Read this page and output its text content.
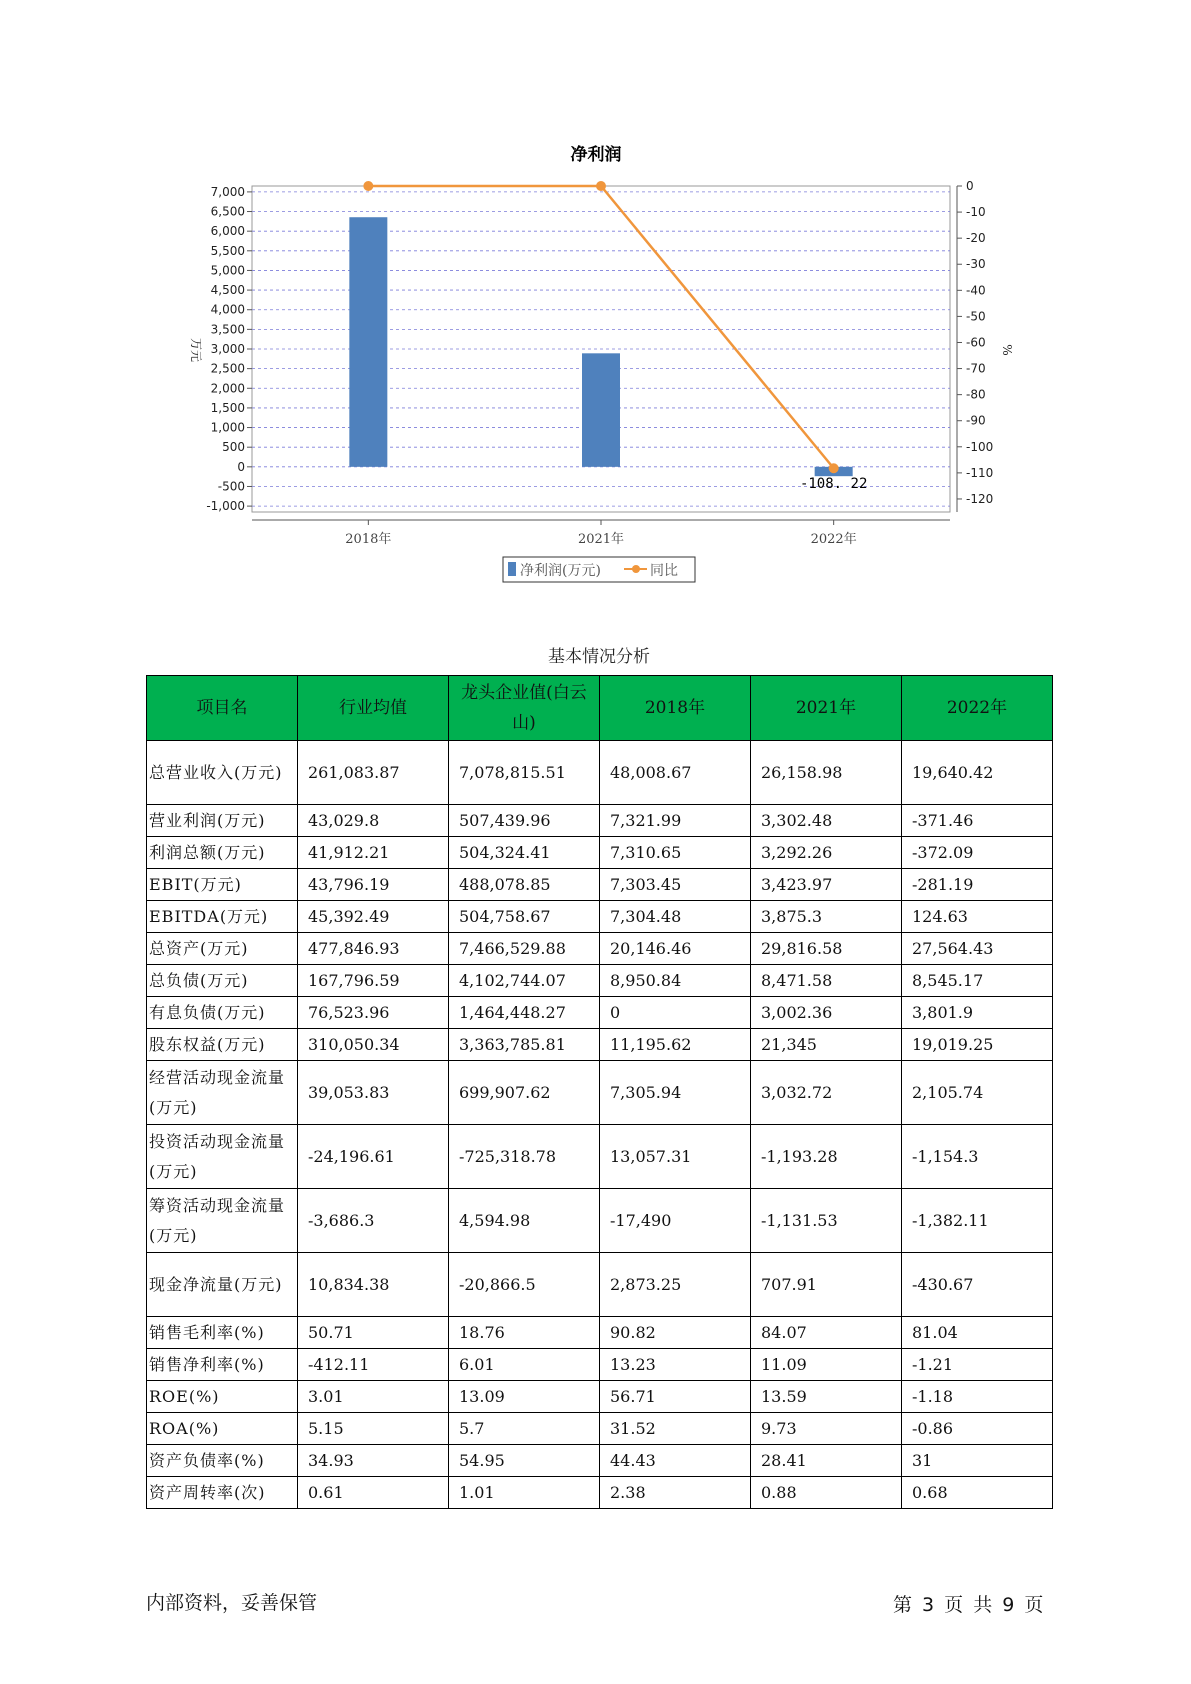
净利润
7,000
6,500
6,000
5,500
5,000
4,500
4,000
3,500
3,000
2,500
2,000
1,500
1,000
500
0
-500
-1,000
0
-10
-20
-30
-40
-50
-60
-70
-80
-90
-100
-110
-120
2018年	2021年	2022年
万元	%
-108. 22
净利润(万元)	同比
基本情况分析
项目名	行业均值	龙头企业值(白云山)	2018年	2021年	2022年
总营业收入(万元)	261,083.87	7,078,815.51	48,008.67	26,158.98	19,640.42
营业利润(万元)	43,029.8	507,439.96	7,321.99	3,302.48	-371.46
利润总额(万元)	41,912.21	504,324.41	7,310.65	3,292.26	-372.09
EBIT(万元)	43,796.19	488,078.85	7,303.45	3,423.97	-281.19
EBITDA(万元)	45,392.49	504,758.67	7,304.48	3,875.3	124.63
总资产(万元)	477,846.93	7,466,529.88	20,146.46	29,816.58	27,564.43
总负债(万元)	167,796.59	4,102,744.07	8,950.84	8,471.58	8,545.17
有息负债(万元)	76,523.96	1,464,448.27	0	3,002.36	3,801.9
股东权益(万元)	310,050.34	3,363,785.81	11,195.62	21,345	19,019.25
经营活动现金流量(万元)	39,053.83	699,907.62	7,305.94	3,032.72	2,105.74
投资活动现金流量(万元)	-24,196.61	-725,318.78	13,057.31	-1,193.28	-1,154.3
筹资活动现金流量(万元)	-3,686.3	4,594.98	-17,490	-1,131.53	-1,382.11
现金净流量(万元)	10,834.38	-20,866.5	2,873.25	707.91	-430.67
销售毛利率(%)	50.71	18.76	90.82	84.07	81.04
销售净利率(%)	-412.11	6.01	13.23	11.09	-1.21
ROE(%)	3.01	13.09	56.71	13.59	-1.18
ROA(%)	5.15	5.7	31.52	9.73	-0.86
资产负债率(%)	34.93	54.95	44.43	28.41	31
资产周转率(次)	0.61	1.01	2.38	0.88	0.68
内部资料，妥善保管	第 3 页 共 9 页
